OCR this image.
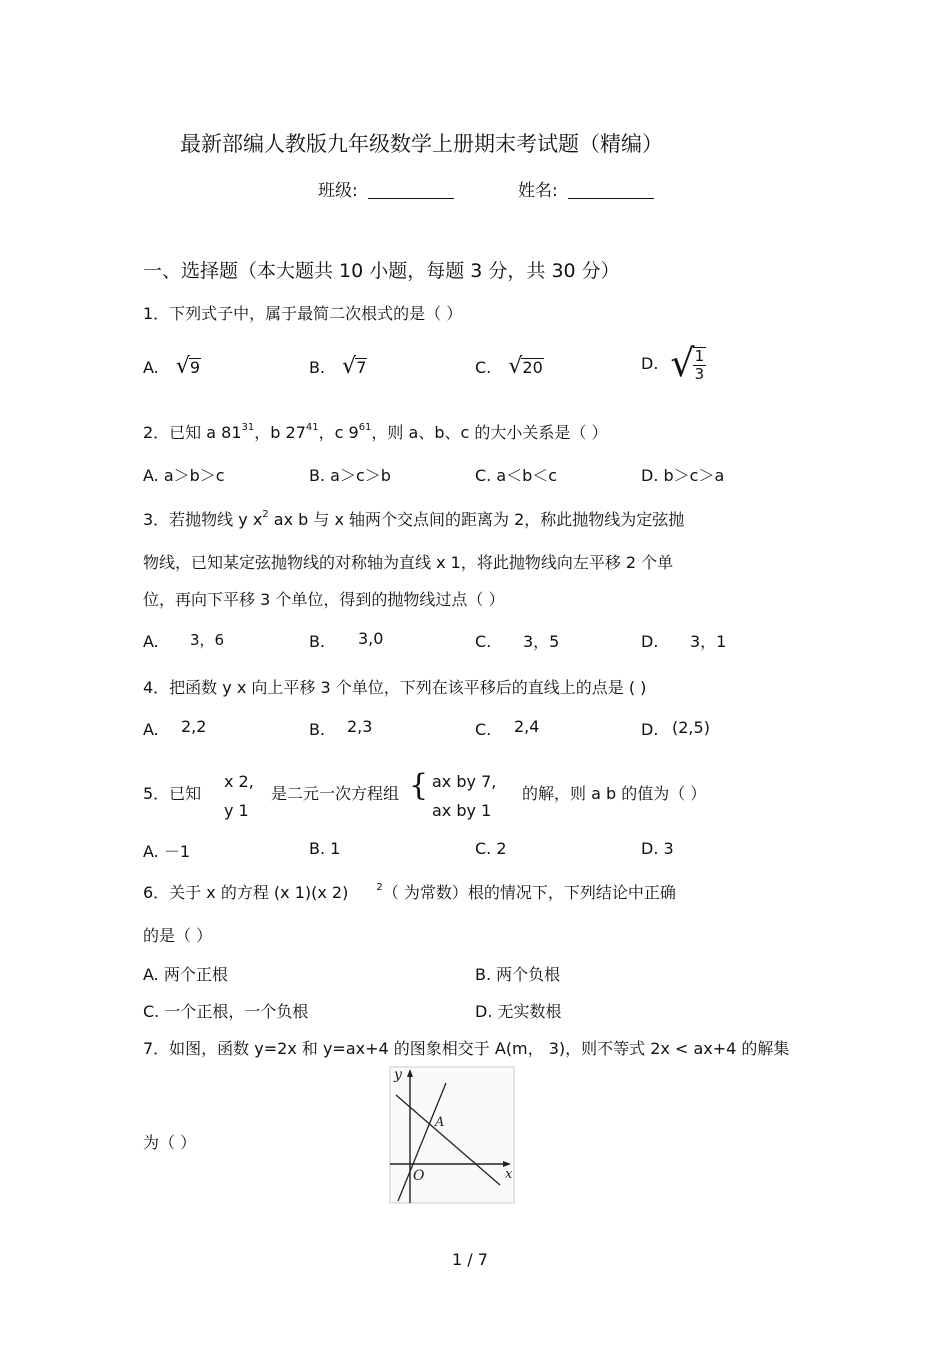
最新部编人教版九年级数学上册期末考试题（精编）
班级:	姓名:
一、选择题（本大题共 10 小题，每题 3 分，共 30 分）
1．下列式子中，属于最简二次根式的是（ ）
A. √ 9	B. √ 7	C. √ 20	D. √
$\frac{1}{3}$
2．已知 a $81^{31}$，b $27^{41}$，c $9^{61}$，则 a、b、c 的大小关系是（ ）
A. a＞b＞c	B. a＞c＞b	C. a＜b＜c	D. b＞c＞a
3．若抛物线 y $x^2$ ax b 与 x 轴两个交点间的距离为 2，称此抛物线为定弦抛
物线，已知某定弦抛物线的对称轴为直线 x 1，将此抛物线向左平移 2 个单
位，再向下平移 3 个单位，得到的抛物线过点（ ）
A. 3，6	B. 3,0	C. 3，5	D. 3，1
4．把函数 y x 向上平移 3 个单位，下列在该平移后的直线上的点是 ( )
A. 2,2	B. 2,3	C. 2,4	D. (2,5)
5．已知
x 2,
y 1
是二元一次方程组 { ax by 7,
ax by 1
的解，则 a b 的值为（ ）
A. －1	B. 1	C. 2	D. 3
6．关于 x 的方程 (x 1)(x 2)	$^2$（ 为常数）根的情况下，下列结论中正确
的是（ ）
A. 两个正根	B. 两个负根
C. 一个正根，一个负根	D. 无实数根
7．如图，函数 y=2x 和 y=ax+4 的图象相交于 A(m， 3)，则不等式 2x < ax+4 的解集
为（ ）
y
x
A
O
1 / 7
